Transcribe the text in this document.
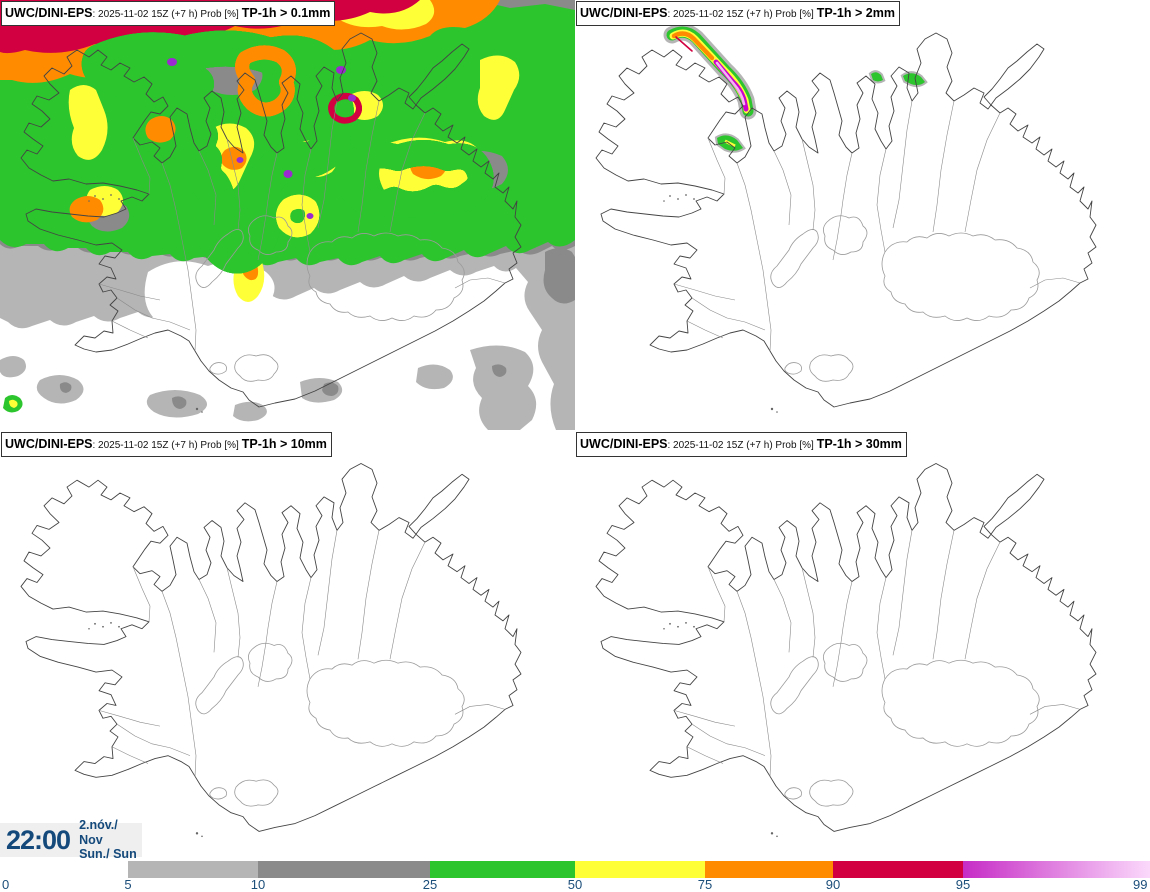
UWC/DINI-EPS: 2025-11-02 15Z (+7 h) Prob [%] TP-1h > 0.1mm	UWC/DINI-EPS: 2025-11-02 15Z (+7 h) Prob [%] TP-1h > 2mm
UWC/DINI-EPS: 2025-11-02 15Z (+7 h) Prob [%] TP-1h > 10mm	UWC/DINI-EPS: 2025-11-02 15Z (+7 h) Prob [%] TP-1h > 30mm
22:00 2.nóv./ Nov
Sun./ Sun
0	5	10	25	50	75	90	95	99
